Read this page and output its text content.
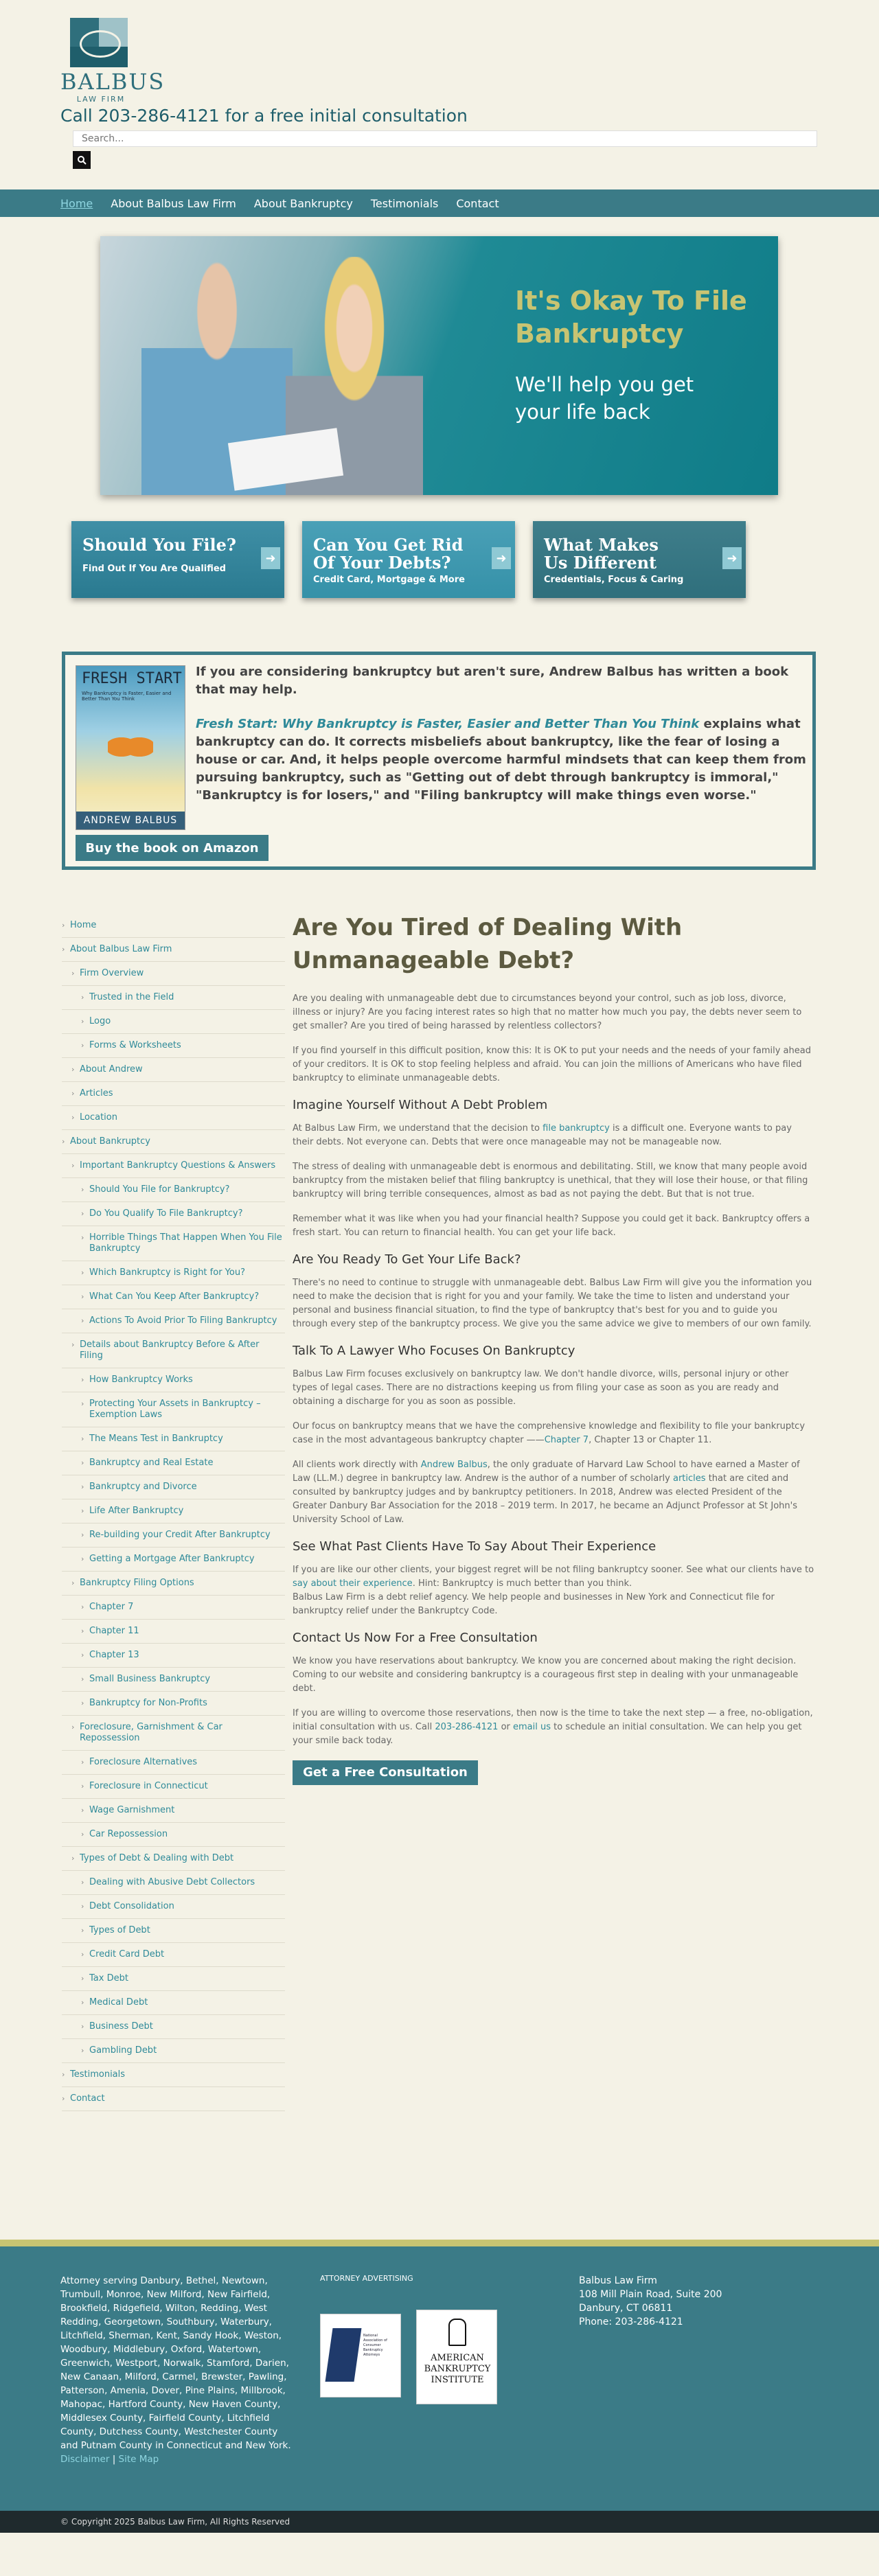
BALBUS
LAW FIRM
Call 203-286-4121 for a free initial consultation
Search...
Home About Balbus Law Firm About Bankruptcy Testimonials Contact
It's Okay To File
Bankruptcy
We'll help you get
your life back
Should You File?
Find Out If You Are Qualified
➜
Can You Get Rid
Of Your Debts?
Credit Card, Mortgage & More
➜
What Makes
Us Different
Credentials, Focus & Caring
➜
FRESH START
Why Bankruptcy is Faster, Easier and Better Than You Think
ANDREW BALBUS
If you are considering bankruptcy but aren't sure, Andrew Balbus has written a book that may help.
Fresh Start: Why Bankruptcy is Faster, Easier and Better Than You Think explains what bankruptcy can do. It corrects misbeliefs about bankruptcy, like the fear of losing a house or car. And, it helps people overcome harmful mindsets that can keep them from pursuing bankruptcy, such as "Getting out of debt through bankruptcy is immoral," "Bankruptcy is for losers," and "Filing bankruptcy will make things even worse."
Buy the book on Amazon
› Home
› About Balbus Law Firm
› Firm Overview
› Trusted in the Field
› Logo
› Forms & Worksheets
› About Andrew
› Articles
› Location
› About Bankruptcy
› Important Bankruptcy Questions & Answers
› Should You File for Bankruptcy?
› Do You Qualify To File Bankruptcy?
› Horrible Things That Happen When You File Bankruptcy
› Which Bankruptcy is Right for You?
› What Can You Keep After Bankruptcy?
› Actions To Avoid Prior To Filing Bankruptcy
› Details about Bankruptcy Before & After Filing
› How Bankruptcy Works
› Protecting Your Assets in Bankruptcy – Exemption Laws
› The Means Test in Bankruptcy
› Bankruptcy and Real Estate
› Bankruptcy and Divorce
› Life After Bankruptcy
› Re-building your Credit After Bankruptcy
› Getting a Mortgage After Bankruptcy
› Bankruptcy Filing Options
› Chapter 7
› Chapter 11
› Chapter 13
› Small Business Bankruptcy
› Bankruptcy for Non-Profits
› Foreclosure, Garnishment & Car Repossession
› Foreclosure Alternatives
› Foreclosure in Connecticut
› Wage Garnishment
› Car Repossession
› Types of Debt & Dealing with Debt
› Dealing with Abusive Debt Collectors
› Debt Consolidation
› Types of Debt
› Credit Card Debt
› Tax Debt
› Medical Debt
› Business Debt
› Gambling Debt
› Testimonials
› Contact
Are You Tired of Dealing With Unmanageable Debt?

Are you dealing with unmanageable debt due to circumstances beyond your control, such as job loss, divorce, illness or injury? Are you facing interest rates so high that no matter how much you pay, the debts never seem to get smaller? Are you tired of being harassed by relentless collectors?

If you find yourself in this difficult position, know this: It is OK to put your needs and the needs of your family ahead of your creditors. It is OK to stop feeling helpless and afraid. You can join the millions of Americans who have filed bankruptcy to eliminate unmanageable debts.

Imagine Yourself Without A Debt Problem

At Balbus Law Firm, we understand that the decision to file bankruptcy is a difficult one. Everyone wants to pay their debts. Not everyone can. Debts that were once manageable may not be manageable now.

The stress of dealing with unmanageable debt is enormous and debilitating. Still, we know that many people avoid bankruptcy from the mistaken belief that filing bankruptcy is unethical, that they will lose their house, or that filing bankruptcy will bring terrible consequences, almost as bad as not paying the debt. But that is not true.

Remember what it was like when you had your financial health? Suppose you could get it back. Bankruptcy offers a fresh start. You can return to financial health. You can get your life back.

Are You Ready To Get Your Life Back?

There's no need to continue to struggle with unmanageable debt. Balbus Law Firm will give you the information you need to make the decision that is right for you and your family. We take the time to listen and understand your personal and business financial situation, to find the type of bankruptcy that's best for you and to guide you through every step of the bankruptcy process. We give you the same advice we give to members of our own family.

Talk To A Lawyer Who Focuses On Bankruptcy

Balbus Law Firm focuses exclusively on bankruptcy law. We don't handle divorce, wills, personal injury or other types of legal cases. There are no distractions keeping us from filing your case as soon as you are ready and obtaining a discharge for you as soon as possible.

Our focus on bankruptcy means that we have the comprehensive knowledge and flexibility to file your bankruptcy case in the most advantageous bankruptcy chapter ——Chapter 7, Chapter 13 or Chapter 11.

All clients work directly with Andrew Balbus, the only graduate of Harvard Law School to have earned a Master of Law (LL.M.) degree in bankruptcy law. Andrew is the author of a number of scholarly articles that are cited and consulted by bankruptcy judges and by bankruptcy petitioners. In 2018, Andrew was elected President of the Greater Danbury Bar Association for the 2018 – 2019 term. In 2017, he became an Adjunct Professor at St John's University School of Law.

See What Past Clients Have To Say About Their Experience

If you are like our other clients, your biggest regret will be not filing bankruptcy sooner. See what our clients have to say about their experience. Hint: Bankruptcy is much better than you think.
Balbus Law Firm is a debt relief agency. We help people and businesses in New York and Connecticut file for bankruptcy relief under the Bankruptcy Code.

Contact Us Now For a Free Consultation

We know you have reservations about bankruptcy. We know you are concerned about making the right decision. Coming to our website and considering bankruptcy is a courageous first step in dealing with your unmanageable debt.

If you are willing to overcome those reservations, then now is the time to take the next step — a free, no-obligation, initial consultation with us. Call 203-286-4121 or email us to schedule an initial consultation. We can help you get your smile back today.

Get a Free Consultation
Attorney serving Danbury, Bethel, Newtown, Trumbull, Monroe, New Milford, New Fairfield, Brookfield, Ridgefield, Wilton, Redding, West Redding, Georgetown, Southbury, Waterbury, Litchfield, Sherman, Kent, Sandy Hook, Weston, Woodbury, Middlebury, Oxford, Watertown, Greenwich, Westport, Norwalk, Stamford, Darien, New Canaan, Milford, Carmel, Brewster, Pawling, Patterson, Amenia, Dover, Pine Plains, Millbrook, Mahopac, Hartford County, New Haven County, Middlesex County, Fairfield County, Litchfield County, Dutchess County, Westchester County and Putnam County in Connecticut and New York.
Disclaimer | Site Map
ATTORNEY ADVERTISING
National Association of Consumer Bankruptcy Attorneys	AMERICAN BANKRUPTCY INSTITUTE
Balbus Law Firm
108 Mill Plain Road, Suite 200
Danbury, CT 06811
Phone: 203-286-4121
© Copyright 2025 Balbus Law Firm, All Rights Reserved
